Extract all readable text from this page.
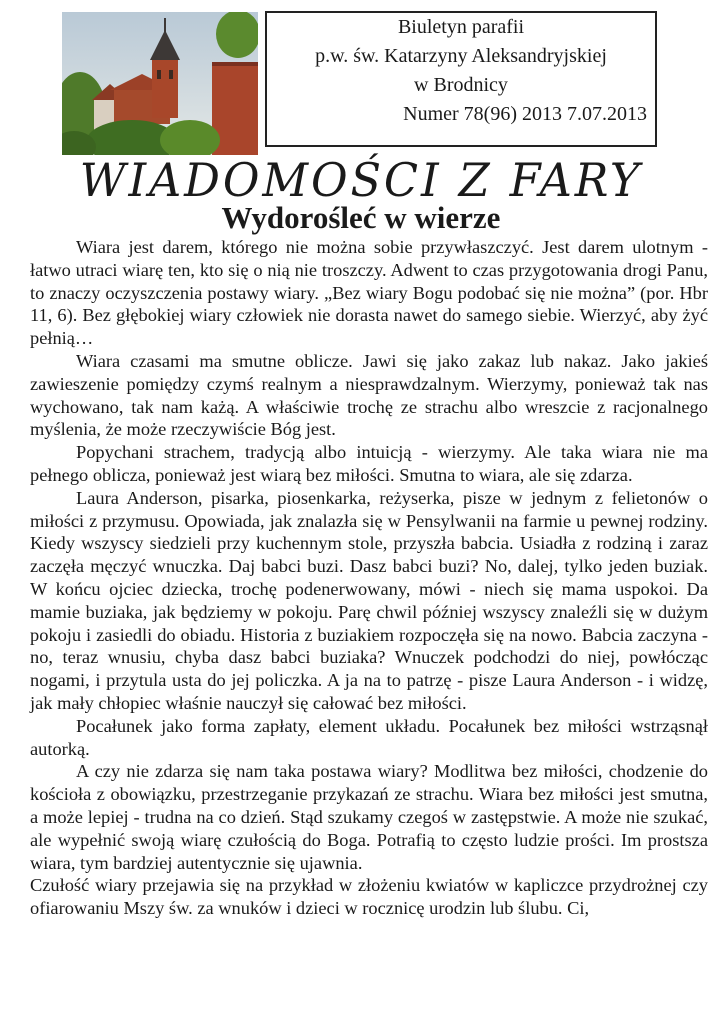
Biuletyn parafii
p.w. św. Katarzyny Aleksandryjskiej
w Brodnicy
Numer 78(96) 2013 7.07.2013
WIADOMOŚCI Z FARY
Wydoroślеć w wierze

Wiara jest darem, którego nie można sobie przywłaszczyć. Jest darem ulotnym - łatwo utraci wiarę ten, kto się o nią nie troszczy. Adwent to czas przygotowania drogi Panu, to znaczy oczyszczenia postawy wiary. „Bez wiary Bogu podobać się nie można” (por. Hbr 11, 6). Bez głębokiej wiary człowiek nie dorasta nawet do samego siebie. Wierzyć, aby żyć pełnią…

Wiara czasami ma smutne oblicze. Jawi się jako zakaz lub nakaz. Jako jakieś zawieszenie pomiędzy czymś realnym a niesprawdzalnym. Wierzymy, ponieważ tak nas wychowano, tak nam każą. A właściwie trochę ze strachu albo wreszcie z racjonalnego myślenia, że może rzeczywiście Bóg jest.

Popychani strachem, tradycją albo intuicją - wierzymy. Ale taka wiara nie ma pełnego oblicza, ponieważ jest wiarą bez miłości. Smutna to wiara, ale się zdarza.

Laura Anderson, pisarka, piosenkarka, reżyserka, pisze w jednym z felietonów o miłości z przymusu. Opowiada, jak znalazła się w Pensylwanii na farmie u pewnej rodziny. Kiedy wszyscy siedzieli przy kuchennym stole, przyszła babcia. Usiadła z rodziną i zaraz zaczęła męczyć wnuczka. Daj babci buzi. Dasz babci buzi? No, dalej, tylko jeden buziak. W końcu ojciec dziecka, trochę podenerwowany, mówi - niech się mama uspokoi. Da mamie buziaka, jak będziemy w pokoju. Parę chwil później wszyscy znaleźli się w dużym pokoju i zasiedli do obiadu. Historia z buziakiem rozpoczęła się na nowo. Babcia zaczyna - no, teraz wnusiu, chyba dasz babci buziaka? Wnuczek podchodzi do niej, powłócząc nogami, i przytula usta do jej policzka. A ja na to patrzę - pisze Laura Anderson - i widzę, jak mały chłopiec właśnie nauczył się całować bez miłości.

Pocałunek jako forma zapłaty, element układu. Pocałunek bez miłości wstrząsnął autorką.

A czy nie zdarza się nam taka postawa wiary? Modlitwa bez miłości, chodzenie do kościoła z obowiązku, przestrzeganie przykazań ze strachu. Wiara bez miłości jest smutna, a może lepiej - trudna na co dzień. Stąd szukamy czegoś w zastępstwie. A może nie szukać, ale wypełnić swoją wiarę czułością do Boga. Potrafią to często ludzie prości. Im prostsza wiara, tym bardziej autentycznie się ujawnia.

Czułość wiary przejawia się na przykład w złożeniu kwiatów w kapliczce przydrożnej czy ofiarowaniu Mszy św. za wnuków i dzieci w rocznicę urodzin lub ślubu. Ci,
